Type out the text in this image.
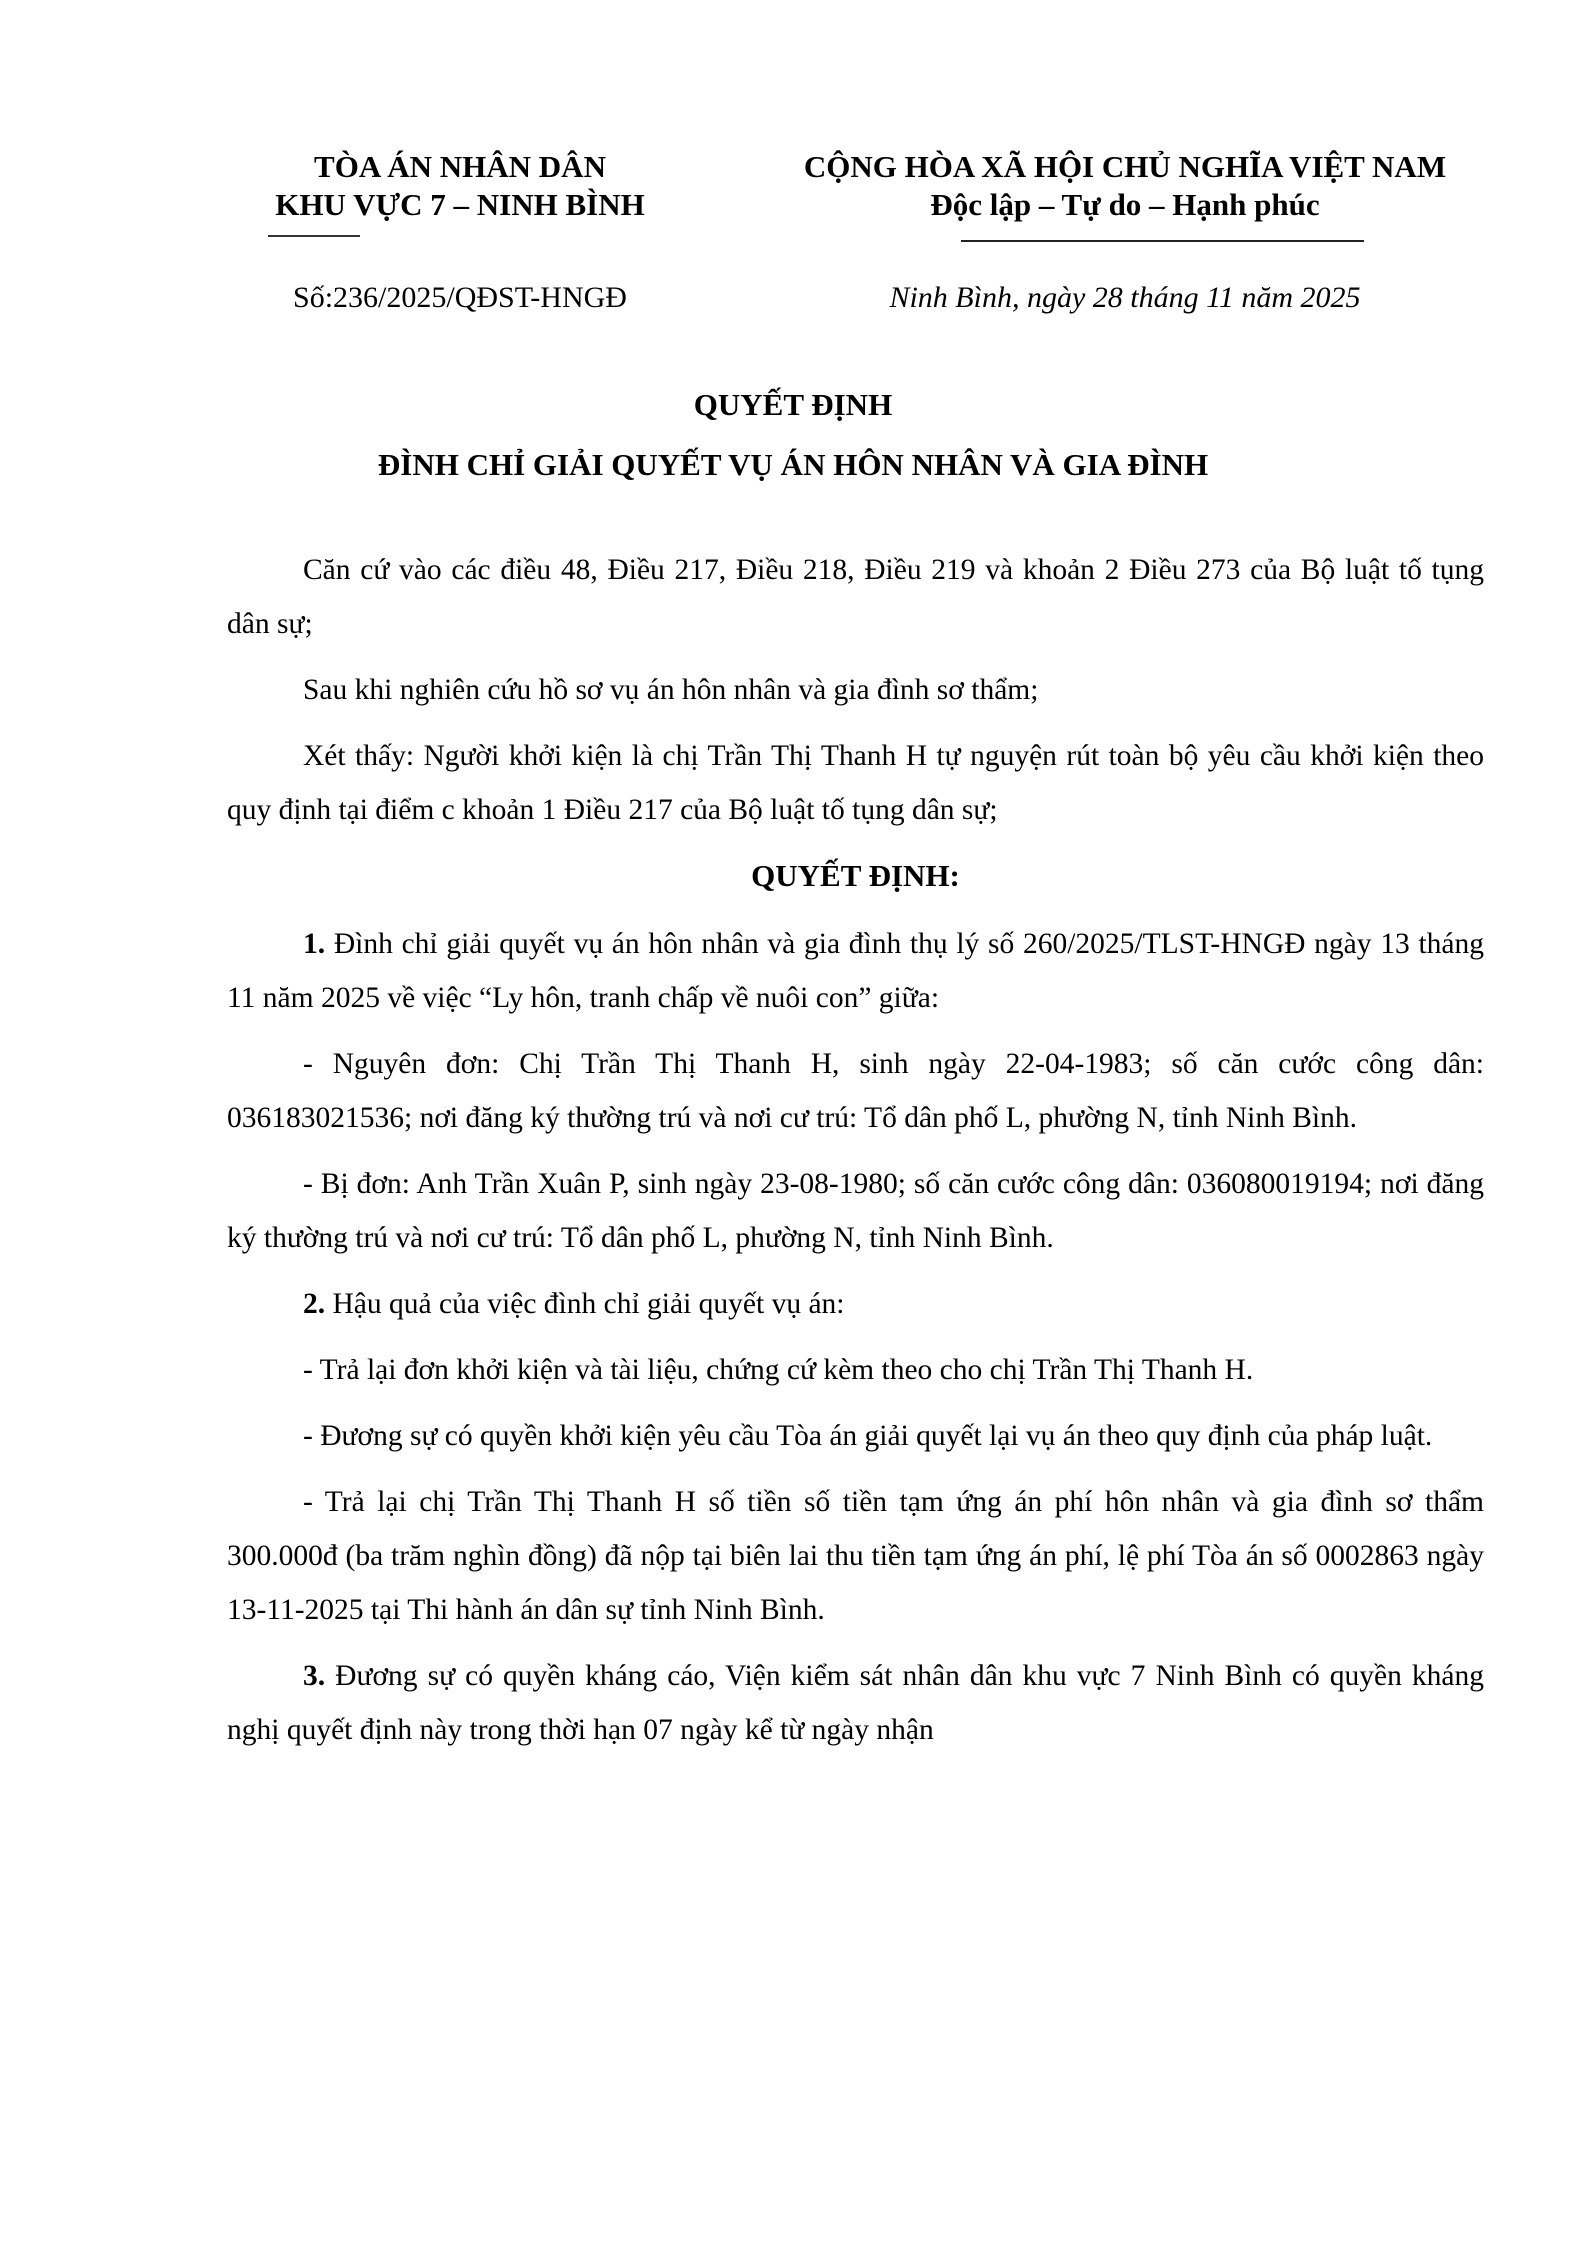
TÒA ÁN NHÂN DÂN
KHU VỰC 7 – NINH BÌNH
CỘNG HÒA XÃ HỘI CHỦ NGHĨA VIỆT NAM
Độc lập – Tự do – Hạnh phúc
Số:236/2025/QĐST-HNGĐ	Ninh Bình, ngày 28 tháng 11 năm 2025
QUYẾT ĐỊNH
ĐÌNH CHỈ GIẢI QUYẾT VỤ ÁN HÔN NHÂN VÀ GIA ĐÌNH

Căn cứ vào các điều 48, Điều 217, Điều 218, Điều 219 và khoản 2 Điều 273 của Bộ luật tố tụng dân sự;

Sau khi nghiên cứu hồ sơ vụ án hôn nhân và gia đình sơ thẩm;

Xét thấy: Người khởi kiện là chị Trần Thị Thanh H tự nguyện rút toàn bộ yêu cầu khởi kiện theo quy định tại điểm c khoản 1 Điều 217 của Bộ luật tố tụng dân sự;

QUYẾT ĐỊNH:

1. Đình chỉ giải quyết vụ án hôn nhân và gia đình thụ lý số 260/2025/TLST-HNGĐ ngày 13 tháng 11 năm 2025 về việc “Ly hôn, tranh chấp về nuôi con” giữa:

- Nguyên đơn: Chị Trần Thị Thanh H, sinh ngày 22-04-1983; số căn cước công dân: 036183021536; nơi đăng ký thường trú và nơi cư trú: Tổ dân phố L, phường N, tỉnh Ninh Bình.

- Bị đơn: Anh Trần Xuân P, sinh ngày 23-08-1980; số căn cước công dân: 036080019194; nơi đăng ký thường trú và nơi cư trú: Tổ dân phố L, phường N, tỉnh Ninh Bình.

2. Hậu quả của việc đình chỉ giải quyết vụ án:

- Trả lại đơn khởi kiện và tài liệu, chứng cứ kèm theo cho chị Trần Thị Thanh H.

- Đương sự có quyền khởi kiện yêu cầu Tòa án giải quyết lại vụ án theo quy định của pháp luật.

- Trả lại chị Trần Thị Thanh H số tiền số tiền tạm ứng án phí hôn nhân và gia đình sơ thẩm 300.000đ (ba trăm nghìn đồng) đã nộp tại biên lai thu tiền tạm ứng án phí, lệ phí Tòa án số 0002863 ngày 13-11-2025 tại Thi hành án dân sự tỉnh Ninh Bình.

3. Đương sự có quyền kháng cáo, Viện kiểm sát nhân dân khu vực 7 Ninh Bình có quyền kháng nghị quyết định này trong thời hạn 07 ngày kể từ ngày nhận
